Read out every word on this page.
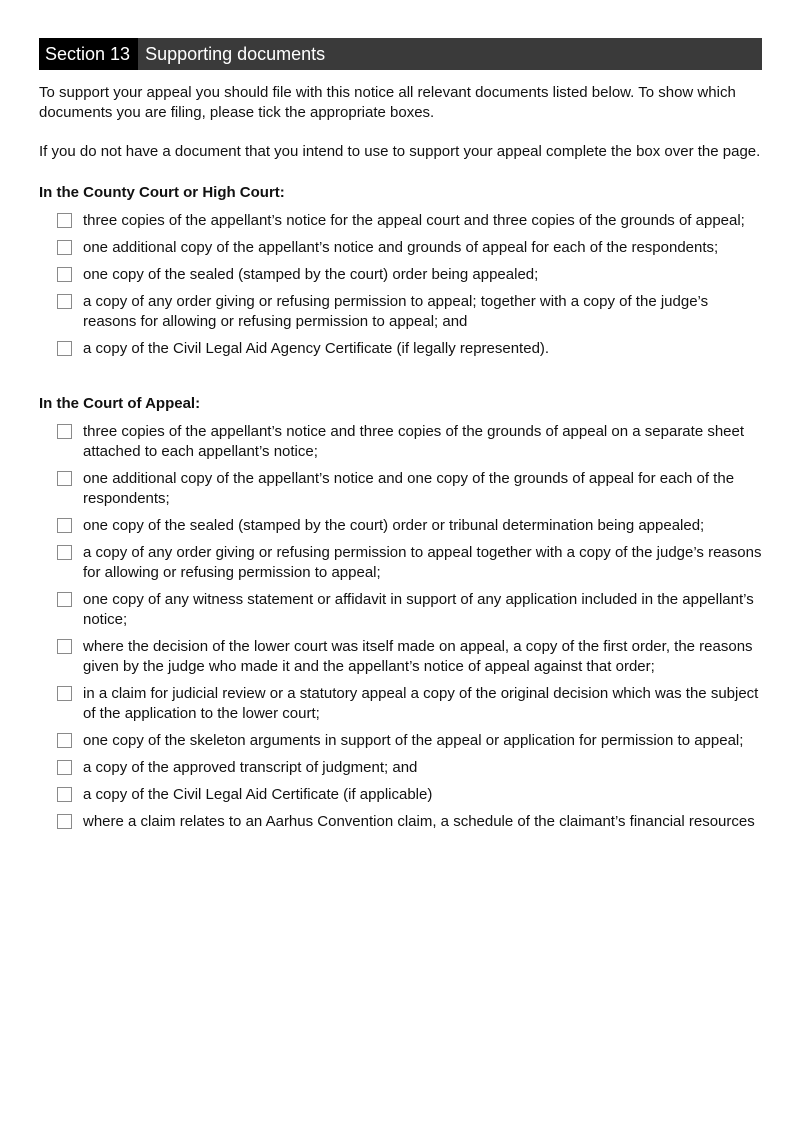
Section 13 Supporting documents

To support your appeal you should file with this notice all relevant documents listed below. To show which documents you are filing, please tick the appropriate boxes.

If you do not have a document that you intend to use to support your appeal complete the box over the page.

In the County Court or High Court:
three copies of the appellant’s notice for the appeal court and three copies of the grounds of appeal;
one additional copy of the appellant’s notice and grounds of appeal for each of the respondents;
one copy of the sealed (stamped by the court) order being appealed;
a copy of any order giving or refusing permission to appeal; together with a copy of the judge’s reasons for allowing or refusing permission to appeal; and
a copy of the Civil Legal Aid Agency Certificate (if legally represented).
In the Court of Appeal:
three copies of the appellant’s notice and three copies of the grounds of appeal on a separate sheet attached to each appellant’s notice;
one additional copy of the appellant’s notice and one copy of the grounds of appeal for each of the respondents;
one copy of the sealed (stamped by the court) order or tribunal determination being appealed;
a copy of any order giving or refusing permission to appeal together with a copy of the judge’s reasons for allowing or refusing permission to appeal;
one copy of any witness statement or affidavit in support of any application included in the appellant’s notice;
where the decision of the lower court was itself made on appeal, a copy of the first order, the reasons given by the judge who made it and the appellant’s notice of appeal against that order;
in a claim for judicial review or a statutory appeal a copy of the original decision which was the subject of the application to the lower court;
one copy of the skeleton arguments in support of the appeal or application for permission to appeal;
a copy of the approved transcript of judgment; and
a copy of the Civil Legal Aid Certificate (if applicable)
where a claim relates to an Aarhus Convention claim, a schedule of the claimant’s financial resources
